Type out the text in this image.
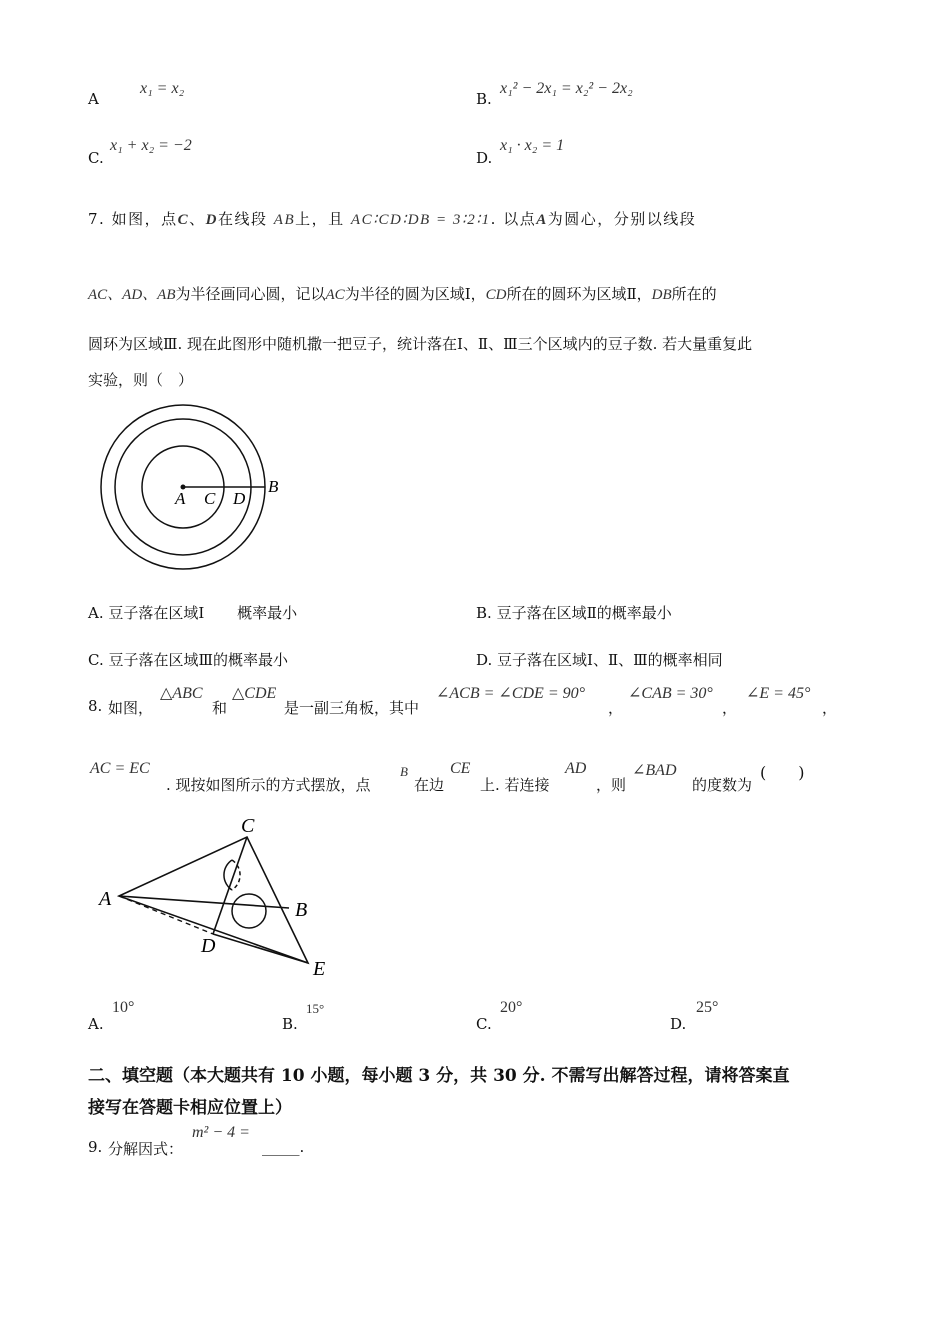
A
x₁ = x₂
B.
x₁² − 2x₁ = x₂² − 2x₂
C.
x₁ + x₂ = −2
D.
x₁ · x₂ = 1
7. 如图，点C、D在线段 AB上，且 AC∶CD∶DB = 3∶2∶1. 以点A为圆心，分别以线段
AC、AD、AB为半径画同心圆，记以AC为半径的圆为区域Ⅰ，CD所在的圆环为区域Ⅱ，DB所在的
圆环为区域Ⅲ. 现在此图形中随机撒一把豆子，统计落在Ⅰ、Ⅱ、Ⅲ三个区域内的豆子数. 若大量重复此
实验，则（　）
A C D
B
A. 豆子落在区域Ⅰ 概率最小	B. 豆子落在区域Ⅱ的概率最小
C. 豆子落在区域Ⅲ的概率最小	D. 豆子落在区域Ⅰ、Ⅱ、Ⅲ的概率相同
8. 如图，
△ABC
和
△CDE
是一副三角板，其中
∠ACB = ∠CDE = 90°
，
∠CAB = 30°
，
∠E = 45°
，
AC = EC
. 现按如图所示的方式摆放，点
B
在边
CE
上. 若连接
AD
，则
∠BAD
的度数为
(　　)
C
A	B
D
E
A.
10°
B.
15°
C.
20°
D.
25°
二、填空题（本大题共有 10 小题，每小题 3 分，共 30 分. 不需写出解答过程，请将答案直
接写在答题卡相应位置上）
9. 分解因式：
m² − 4 =
_____.
